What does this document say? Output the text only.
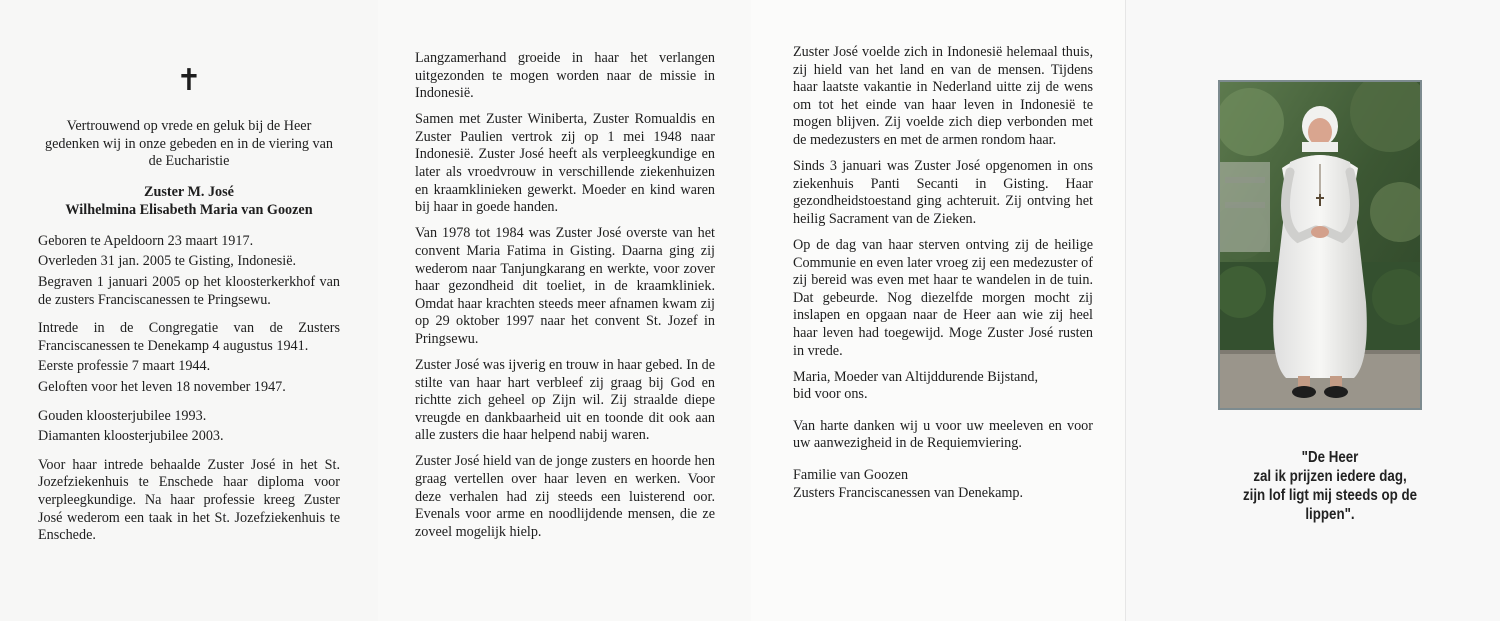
✝

Vertrouwend op vrede en geluk bij de Heer gedenken wij in onze gebeden en in de viering van de Eucharistie

Zuster M. José
Wilhelmina Elisabeth Maria van Goozen

Geboren te Apeldoorn 23 maart 1917.

Overleden 31 jan. 2005 te Gisting, Indonesië.

Begraven 1 januari 2005 op het kloosterkerkhof van de zusters Franciscanessen te Pringsewu.

Intrede in de Congregatie van de Zusters Franciscanessen te Denekamp 4 augustus 1941.

Eerste professie 7 maart 1944.

Geloften voor het leven 18 november 1947.

Gouden kloosterjubilee 1993.

Diamanten kloosterjubilee 2003.

Voor haar intrede behaalde Zuster José in het St. Jozefziekenhuis te Enschede haar diploma voor verpleegkundige. Na haar professie kreeg Zuster José wederom een taak in het St. Jozefziekenhuis te Enschede.

Langzamerhand groeide in haar het verlangen uitgezonden te mogen worden naar de missie in Indonesië.

Samen met Zuster Winiberta, Zuster Romualdis en Zuster Paulien vertrok zij op 1 mei 1948 naar Indonesië. Zuster José heeft als verpleegkundige en later als vroedvrouw in verschillende ziekenhuizen en kraamklinieken gewerkt. Moeder en kind waren bij haar in goede handen.

Van 1978 tot 1984 was Zuster José overste van het convent Maria Fatima in Gisting. Daarna ging zij wederom naar Tanjungkarang en werkte, voor zover haar gezondheid dit toeliet, in de kraamkliniek. Omdat haar krachten steeds meer afnamen kwam zij op 29 oktober 1997 naar het convent St. Jozef in Pringsewu.

Zuster José was ijverig en trouw in haar gebed. In de stilte van haar hart verbleef zij graag bij God en richtte zich geheel op Zijn wil. Zij straalde diepe vreugde en dankbaarheid uit en toonde dit ook aan alle zusters die haar helpend nabij waren.

Zuster José hield van de jonge zusters en hoorde hen graag vertellen over haar leven en werken. Voor deze verhalen had zij steeds een luisterend oor. Evenals voor arme en noodlijdende mensen, die ze zoveel mogelijk hielp.

Zuster José voelde zich in Indonesië helemaal thuis, zij hield van het land en van de mensen. Tijdens haar laatste vakantie in Nederland uitte zij de wens om tot het einde van haar leven in Indonesië te mogen blijven. Zij voelde zich diep verbonden met de medezusters en met de armen rondom haar.

Sinds 3 januari was Zuster José opgenomen in ons ziekenhuis Panti Secanti in Gisting. Haar gezondheidstoestand ging achteruit. Zij ontving het heilig Sacrament van de Zieken.

Op de dag van haar sterven ontving zij de heilige Communie en even later vroeg zij een medezuster of zij bereid was even met haar te wandelen in de tuin. Dat gebeurde. Nog diezelfde morgen mocht zij inslapen en opgaan naar de Heer aan wie zij heel haar leven had toegewijd. Moge Zuster José rusten in vrede.

Maria, Moeder van Altijddurende Bijstand,
bid voor ons.

Van harte danken wij u voor uw meeleven en voor uw aanwezigheid in de Requiemviering.

Familie van Goozen
Zusters Franciscanessen van Denekamp.
"De Heer
zal ik prijzen iedere dag,
zijn lof ligt mij steeds op de lippen".
